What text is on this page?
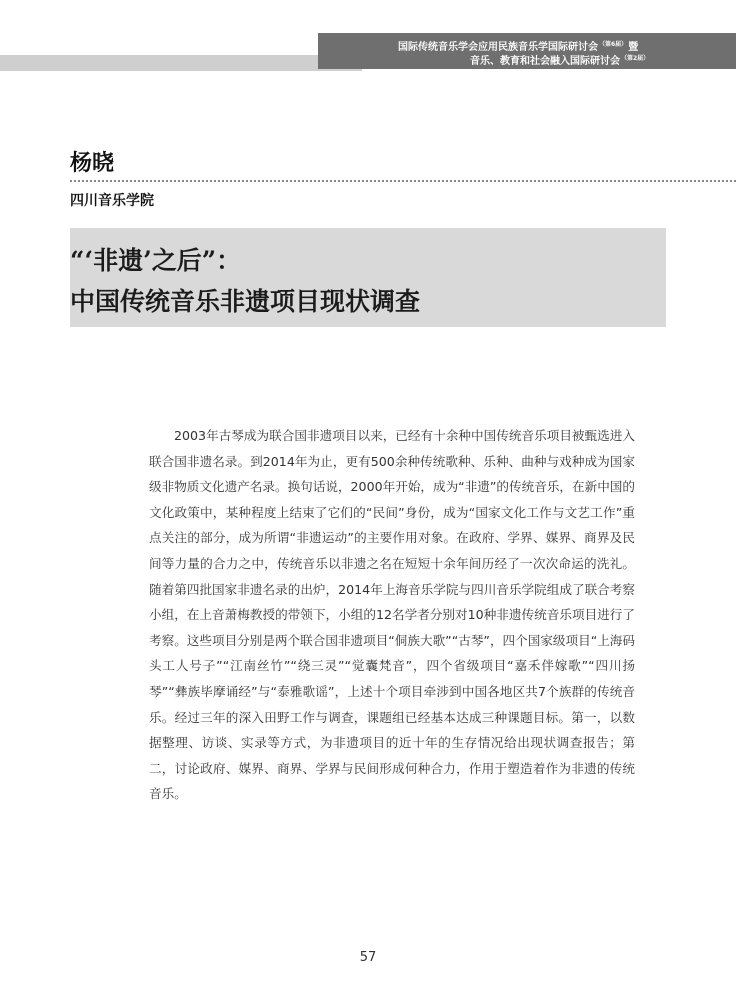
国际传统音乐学会应用民族音乐学国际研讨会$^{(第6届)}$暨
音乐、教育和社会融入国际研讨会$^{(第2届)}$
杨晓
四川音乐学院
“‘非遗’之后”：
中国传统音乐非遗项目现状调查

2003年古琴成为联合国非遗项目以来，已经有十余种中国传统音乐项目被甄选进入联合国非遗名录。到2014年为止，更有500余种传统歌种、乐种、曲种与戏种成为国家级非物质文化遗产名录。换句话说，2000年开始，成为“非遗”的传统音乐，在新中国的文化政策中，某种程度上结束了它们的“民间”身份，成为“国家文化工作与文艺工作”重点关注的部分，成为所谓“非遗运动”的主要作用对象。在政府、学界、媒界、商界及民间等力量的合力之中，传统音乐以非遗之名在短短十余年间历经了一次次命运的洗礼。随着第四批国家非遗名录的出炉，2014年上海音乐学院与四川音乐学院组成了联合考察小组，在上音萧梅教授的带领下，小组的12名学者分别对10种非遗传统音乐项目进行了考察。这些项目分别是两个联合国非遗项目“侗族大歌”“古琴”，四个国家级项目“上海码头工人号子”“江南丝竹”“绕三灵”“觉囊梵音”，四个省级项目“嘉禾伴嫁歌”“四川扬琴”“彝族毕摩诵经”与“泰雅歌谣”，上述十个项目牵涉到中国各地区共7个族群的传统音乐。经过三年的深入田野工作与调查，课题组已经基本达成三种课题目标。第一，以数据整理、访谈、实录等方式，为非遗项目的近十年的生存情况给出现状调查报告；第二，讨论政府、媒界、商界、学界与民间形成何种合力，作用于塑造着作为非遗的传统音乐。

57
